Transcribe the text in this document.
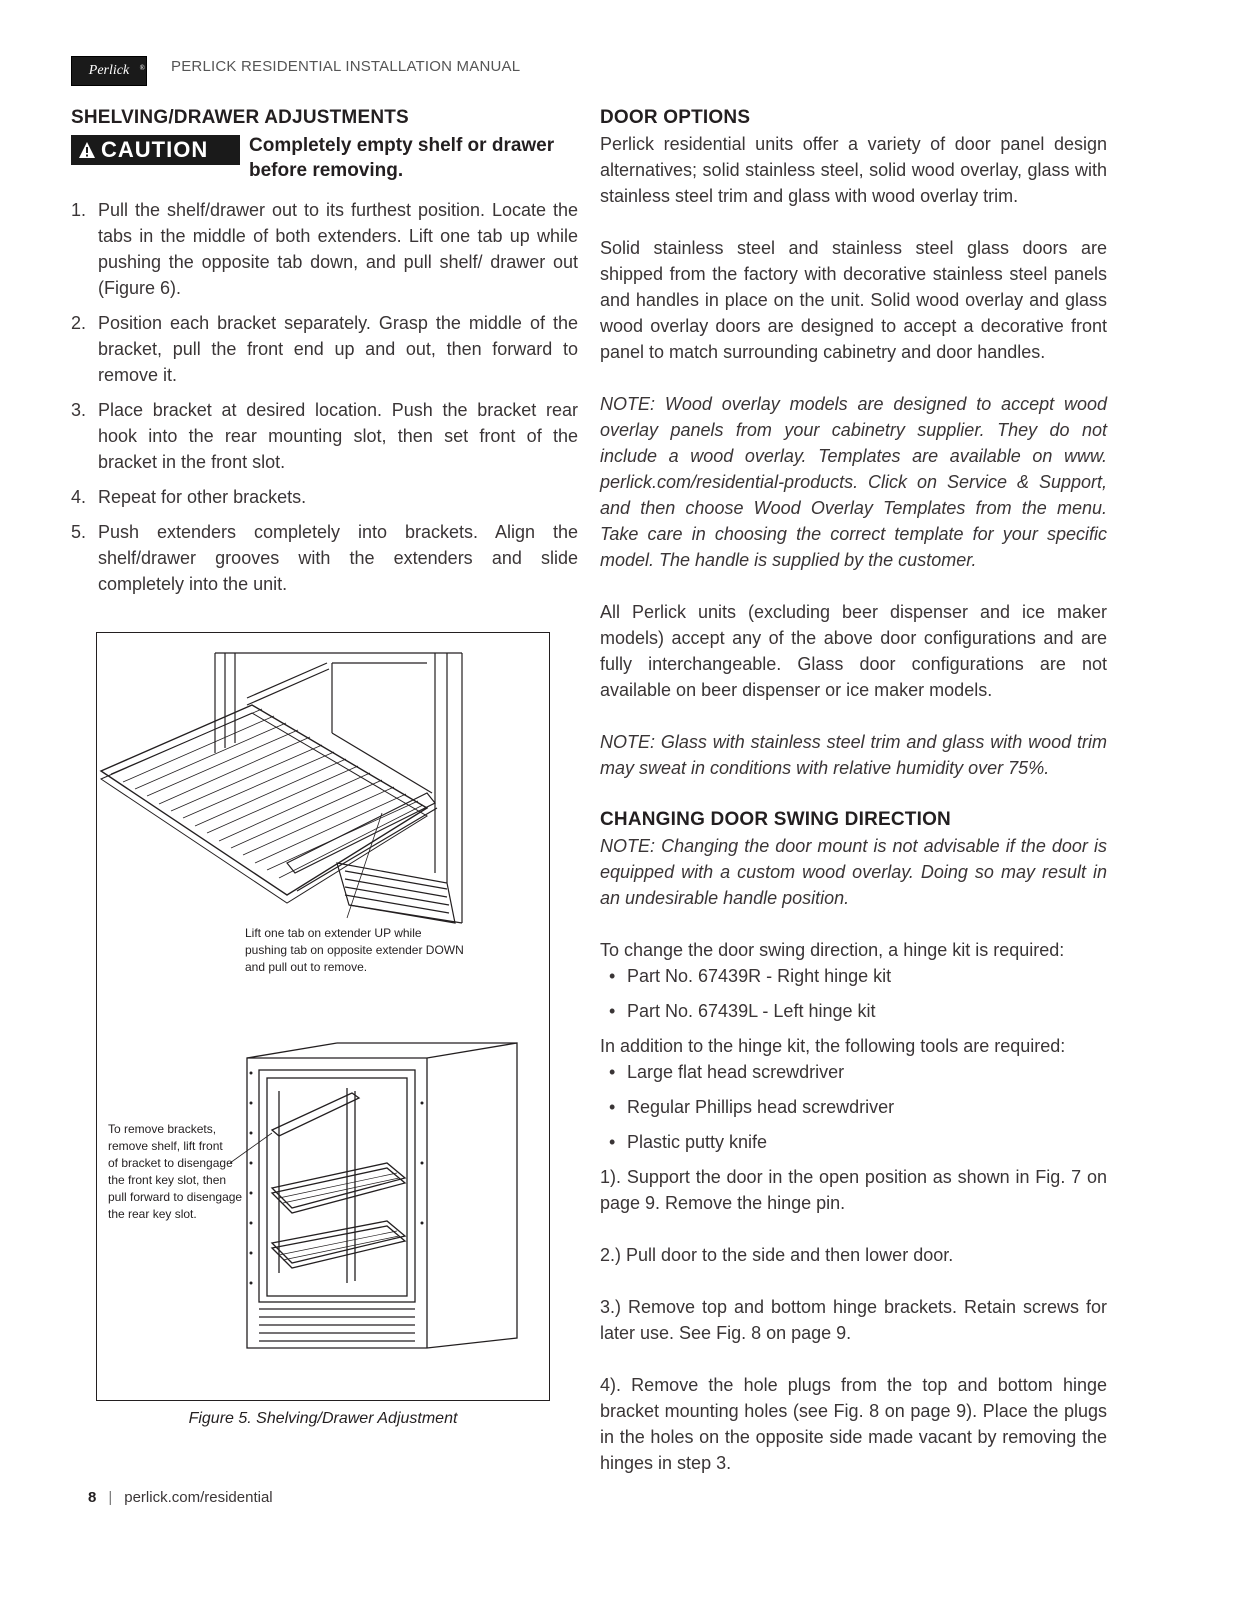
Perlick ® PERLICK RESIDENTIAL INSTALLATION MANUAL
SHELVING/DRAWER ADJUSTMENTS
CAUTION	Completely empty shelf or drawer before removing.
1. Pull the shelf/drawer out to its furthest position. Locate the tabs in the middle of both extenders. Lift one tab up while pushing the opposite tab down, and pull shelf/ drawer out (Figure 6).
2. Position each bracket separately. Grasp the middle of the bracket, pull the front end up and out, then forward to remove it.
3. Place bracket at desired location. Push the bracket rear hook into the rear mounting slot, then set front of the bracket in the front slot.
4. Repeat for other brackets.
5. Push extenders completely into brackets. Align the shelf/drawer grooves with the extenders and slide completely into the unit.
Lift one tab on extender UP while
pushing tab on opposite extender DOWN
and pull out to remove.
To remove brackets,
remove shelf, lift front
of bracket to disengage
the front key slot, then
pull forward to disengage
the rear key slot.
Figure 5. Shelving/Drawer Adjustment
DOOR OPTIONS

Perlick residential units offer a variety of door panel design alternatives; solid stainless steel, solid wood overlay, glass with stainless steel trim and glass with wood overlay trim.

Solid stainless steel and stainless steel glass doors are shipped from the factory with decorative stainless steel panels and handles in place on the unit. Solid wood overlay and glass wood overlay doors are designed to accept a decorative front panel to match surrounding cabinetry and door handles.

NOTE: Wood overlay models are designed to accept wood overlay panels from your cabinetry supplier. They do not include a wood overlay. Templates are available on www. perlick.com/residential-products. Click on Service & Support, and then choose Wood Overlay Templates from the menu. Take care in choosing the correct template for your specific model. The handle is supplied by the customer.

All Perlick units (excluding beer dispenser and ice maker models) accept any of the above door configurations and are fully interchangeable. Glass door configurations are not available on beer dispenser or ice maker models.

NOTE: Glass with stainless steel trim and glass with wood trim may sweat in conditions with relative humidity over 75%.

CHANGING DOOR SWING DIRECTION

NOTE: Changing the door mount is not advisable if the door is equipped with a custom wood overlay. Doing so may result in an undesirable handle position.

To change the door swing direction, a hinge kit is required:

• Part No. 67439R - Right hinge kit
• Part No. 67439L - Left hinge kit

In addition to the hinge kit, the following tools are required:

• Large flat head screwdriver
• Regular Phillips head screwdriver
• Plastic putty knife

1). Support the door in the open position as shown in Fig. 7 on page 9. Remove the hinge pin.

2.) Pull door to the side and then lower door.

3.) Remove top and bottom hinge brackets. Retain screws for later use. See Fig. 8 on page 9.

4). Remove the hole plugs from the top and bottom hinge bracket mounting holes (see Fig. 8 on page 9). Place the plugs in the holes on the opposite side made vacant by removing the hinges in step 3.

8 | perlick.com/residential
